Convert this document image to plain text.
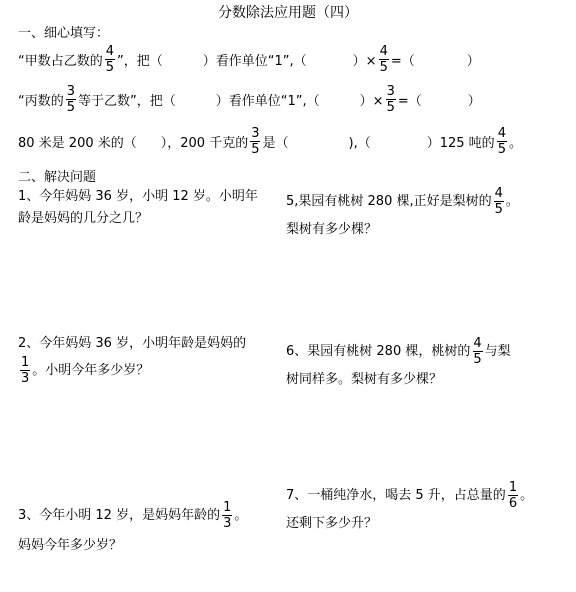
分数除法应用题（四）
一、细心填写：
“甲数占乙数的 $\frac{4}{5}$ ”，把（	）看作单位“1”,（	）× $\frac{4}{5}$ =（	）
“丙数的 $\frac{3}{5}$ 等于乙数”，把（	）看作单位“1”,（	）× $\frac{3}{5}$ =（	）
80 米是 200 米的（ ），200 千克的 $\frac{3}{5}$ 是（	),（	）125 吨的 $\frac{4}{5}$ 。
二、解决问题
1、今年妈妈 36 岁，小明 12 岁。小明年
龄是妈妈的几分之几？
5,果园有桃树 280 棵,正好是梨树的 $\frac{4}{5}$ 。
梨树有多少棵？
2、今年妈妈 36 岁，小明年龄是妈妈的
$\frac{1}{3}$ 。小明今年多少岁？
6、果园有桃树 280 棵，桃树的 $\frac{4}{5}$ 与梨
树同样多。梨树有多少棵？
3、今年小明 12 岁，是妈妈年龄的 $\frac{1}{3}$ 。
妈妈今年多少岁？
7、一桶纯净水，喝去 5 升，占总量的 $\frac{1}{6}$ 。
还剩下多少升？
